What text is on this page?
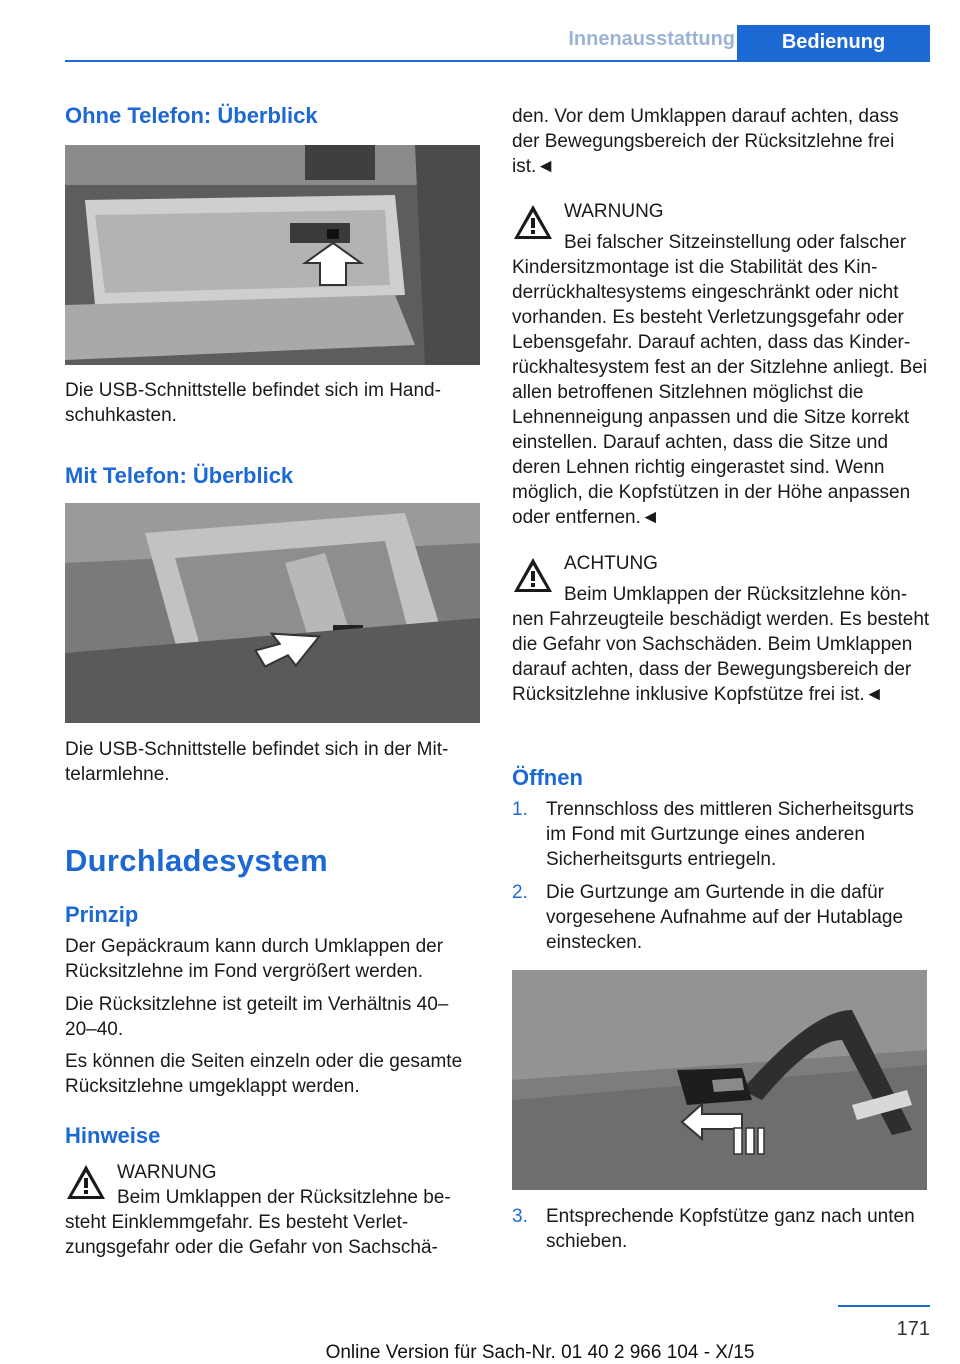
Innenausstattung	Bedienung
Ohne Telefon: Überblick
Die USB-Schnittstelle befindet sich im Handschuhkasten.
Mit Telefon: Überblick
Die USB-Schnittstelle befindet sich in der Mittelarmlehne.
Durchladesystem
Prinzip
Der Gepäckraum kann durch Umklappen der Rücksitzlehne im Fond vergrößert werden.
Die Rücksitzlehne ist geteilt im Verhältnis 40–20–40.
Es können die Seiten einzeln oder die gesamte Rücksitzlehne umgeklappt werden.
Hinweise
WARNUNG
Beim Umklappen der Rücksitzlehne besteht Einklemmgefahr. Es besteht Verletzungsgefahr oder die Gefahr von Sachschä-
den. Vor dem Umklappen darauf achten, dass der Bewegungsbereich der Rücksitzlehne frei ist.◄
WARNUNG
Bei falscher Sitzeinstellung oder falscher Kindersitzmontage ist die Stabilität des Kinderrückhaltesystems eingeschränkt oder nicht vorhanden. Es besteht Verletzungsgefahr oder Lebensgefahr. Darauf achten, dass das Kinderrückhaltesystem fest an der Sitzlehne anliegt. Bei allen betroffenen Sitzlehnen möglichst die Lehnenneigung anpassen und die Sitze korrekt einstellen. Darauf achten, dass die Sitze und deren Lehnen richtig eingerastet sind. Wenn möglich, die Kopfstützen in der Höhe anpassen oder entfernen.◄
ACHTUNG
Beim Umklappen der Rücksitzlehne können Fahrzeugteile beschädigt werden. Es besteht die Gefahr von Sachschäden. Beim Umklappen darauf achten, dass der Bewegungsbereich der Rücksitzlehne inklusive Kopfstütze frei ist.◄
Öffnen
1. Trennschloss des mittleren Sicherheitsgurts im Fond mit Gurtzunge eines anderen Sicherheitsgurts entriegeln.
2. Die Gurtzunge am Gurtende in die dafür vorgesehene Aufnahme auf der Hutablage einstecken.
3. Entsprechende Kopfstütze ganz nach unten schieben.
171
Online Version für Sach-Nr. 01 40 2 966 104 - X/15
